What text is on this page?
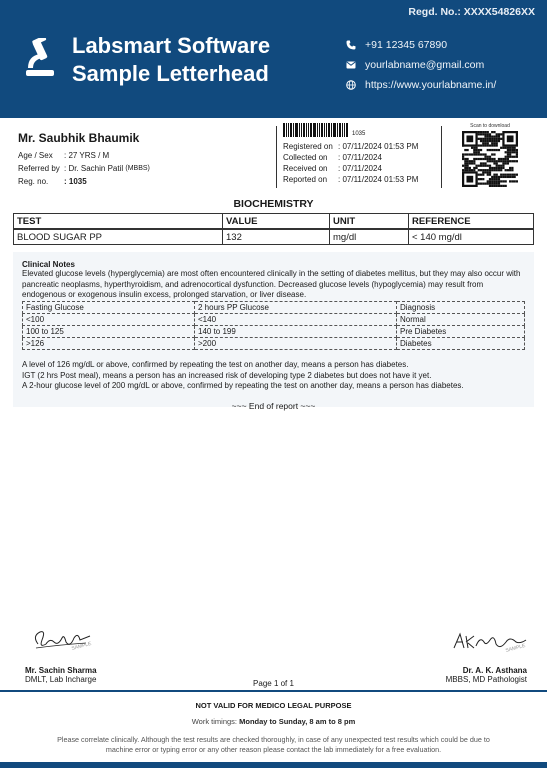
Regd. No.: XXXX54826XX
Labsmart Software
Sample Letterhead
+91 12345 67890
yourlabname@gmail.com
https://www.yourlabname.in/
Mr. Saubhik Bhaumik
Age / Sex	: 27 YRS / M
Referred by : Dr. Sachin Patil
(MBBS)
Reg. no.	: 1035
1035
Registered on : 07/11/2024 01:53 PM
Collected on	: 07/11/2024
Received on	: 07/11/2024
Reported on	: 07/11/2024 01:53 PM
Scan to download
BIOCHEMISTRY
TEST	VALUE	UNIT	REFERENCE
BLOOD SUGAR PP	132	mg/dl	< 140 mg/dl
Clinical Notes
Elevated glucose levels (hyperglycemia) are most often encountered clinically in the setting of diabetes mellitus, but they may also occur with pancreatic neoplasms, hyperthyroidism, and adrenocortical dysfunction. Decreased glucose levels (hypoglycemia) may result from endogenous or exogenous insulin excess, prolonged starvation, or liver disease.
Fasting Glucose	2 hours PP Glucose	Diagnosis
<100	<140	Normal
100 to 125	140 to 199	Pre Diabetes
>126	>200	Diabetes
A level of 126 mg/dL or above, confirmed by repeating the test on another day, means a person has diabetes.
IGT (2 hrs Post meal), means a person has an increased risk of developing type 2 diabetes but does not have it yet.
A 2-hour glucose level of 200 mg/dL or above, confirmed by repeating the test on another day, means a person has diabetes.
~~~ End of report ~~~
SAMPLE
Mr. Sachin Sharma
DMLT, Lab Incharge
SAMPLE
Dr. A. K. Asthana
MBBS, MD Pathologist
Page 1 of 1
NOT VALID FOR MEDICO LEGAL PURPOSE
Work timings: Monday to Sunday, 8 am to 8 pm
Please correlate clinically. Although the test results are checked thoroughly, in case of any unexpected test results which could be due to machine error or typing error or any other reason please contact the lab immediately for a free evaluation.
